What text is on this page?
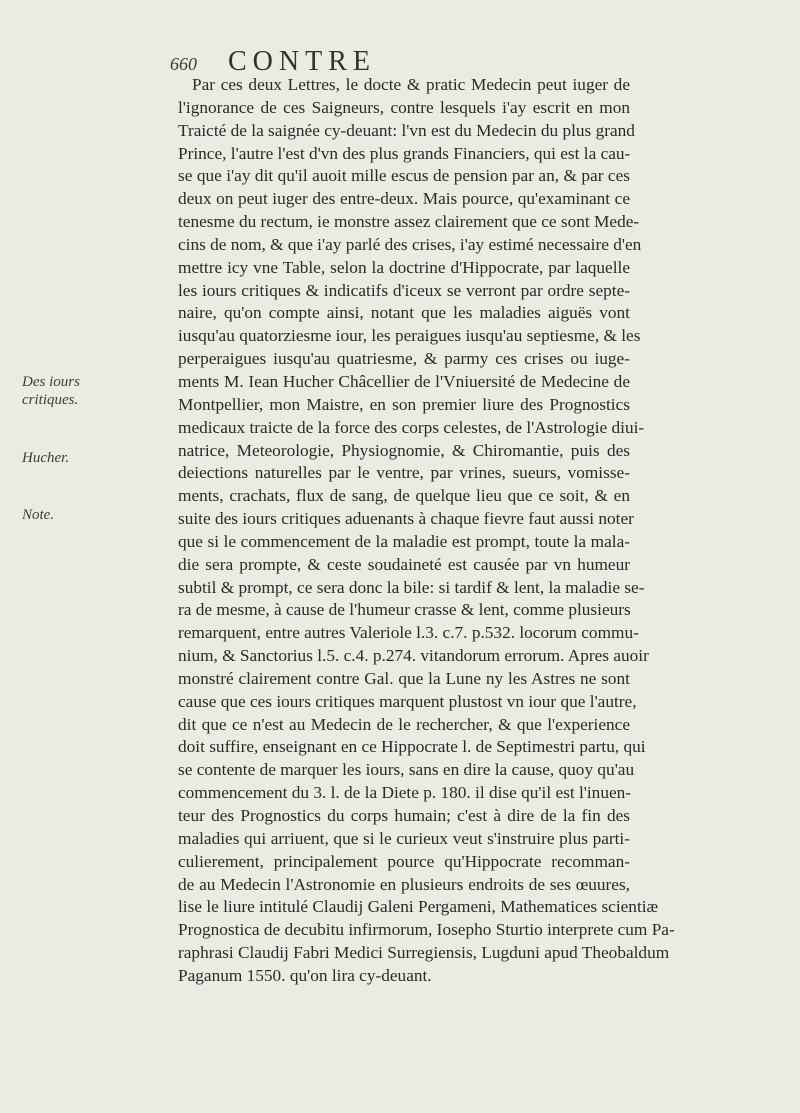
660 CONTRE
Des iours
critiques.
Hucher.
Note.
Par ces deux Lettres, le docte & pratic Medecin peut iuger de
l'ignorance de ces Saigneurs, contre lesquels i'ay escrit en mon
Traicté de la saignée cy-deuant: l'vn est du Medecin du plus grand
Prince, l'autre l'est d'vn des plus grands Financiers, qui est la cau-
se que i'ay dit qu'il auoit mille escus de pension par an, & par ces
deux on peut iuger des entre-deux. Mais pource, qu'examinant ce
tenesme du rectum, ie monstre assez clairement que ce sont Mede-
cins de nom, & que i'ay parlé des crises, i'ay estimé necessaire d'en
mettre icy vne Table, selon la doctrine d'Hippocrate, par laquelle
les iours critiques & indicatifs d'iceux se verront par ordre septe-
naire, qu'on compte ainsi, notant que les maladies aiguës vont
iusqu'au quatorziesme iour, les peraigues iusqu'au septiesme, & les
perperaigues iusqu'au quatriesme, & parmy ces crises ou iuge-
ments M. Iean Hucher Châcellier de l'Vniuersité de Medecine de
Montpellier, mon Maistre, en son premier liure des Prognostics
medicaux traicte de la force des corps celestes, de l'Astrologie diui-
natrice, Meteorologie, Physiognomie, & Chiromantie, puis des
deiections naturelles par le ventre, par vrines, sueurs, vomisse-
ments, crachats, flux de sang, de quelque lieu que ce soit, & en
suite des iours critiques aduenants à chaque fievre faut aussi noter
que si le commencement de la maladie est prompt, toute la mala-
die sera prompte, & ceste soudaineté est causée par vn humeur
subtil & prompt, ce sera donc la bile: si tardif & lent, la maladie se-
ra de mesme, à cause de l'humeur crasse & lent, comme plusieurs
remarquent, entre autres Valeriole l.3. c.7. p.532. locorum commu-
nium, & Sanctorius l.5. c.4. p.274. vitandorum errorum. Apres auoir
monstré clairement contre Gal. que la Lune ny les Astres ne sont
cause que ces iours critiques marquent plustost vn iour que l'autre,
dit que ce n'est au Medecin de le rechercher, & que l'experience
doit suffire, enseignant en ce Hippocrate l. de Septimestri partu, qui
se contente de marquer les iours, sans en dire la cause, quoy qu'au
commencement du 3. l. de la Diete p. 180. il dise qu'il est l'inuen-
teur des Prognostics du corps humain; c'est à dire de la fin des
maladies qui arriuent, que si le curieux veut s'instruire plus parti-
culierement, principalement pource qu'Hippocrate recomman-
de au Medecin l'Astronomie en plusieurs endroits de ses œuures,
lise le liure intitulé Claudij Galeni Pergameni, Mathematices scientiæ
Prognostica de decubitu infirmorum, Iosepho Sturtio interprete cum Pa-
raphrasi Claudij Fabri Medici Surregiensis, Lugduni apud Theobaldum
Paganum 1550. qu'on lira cy-deuant.
